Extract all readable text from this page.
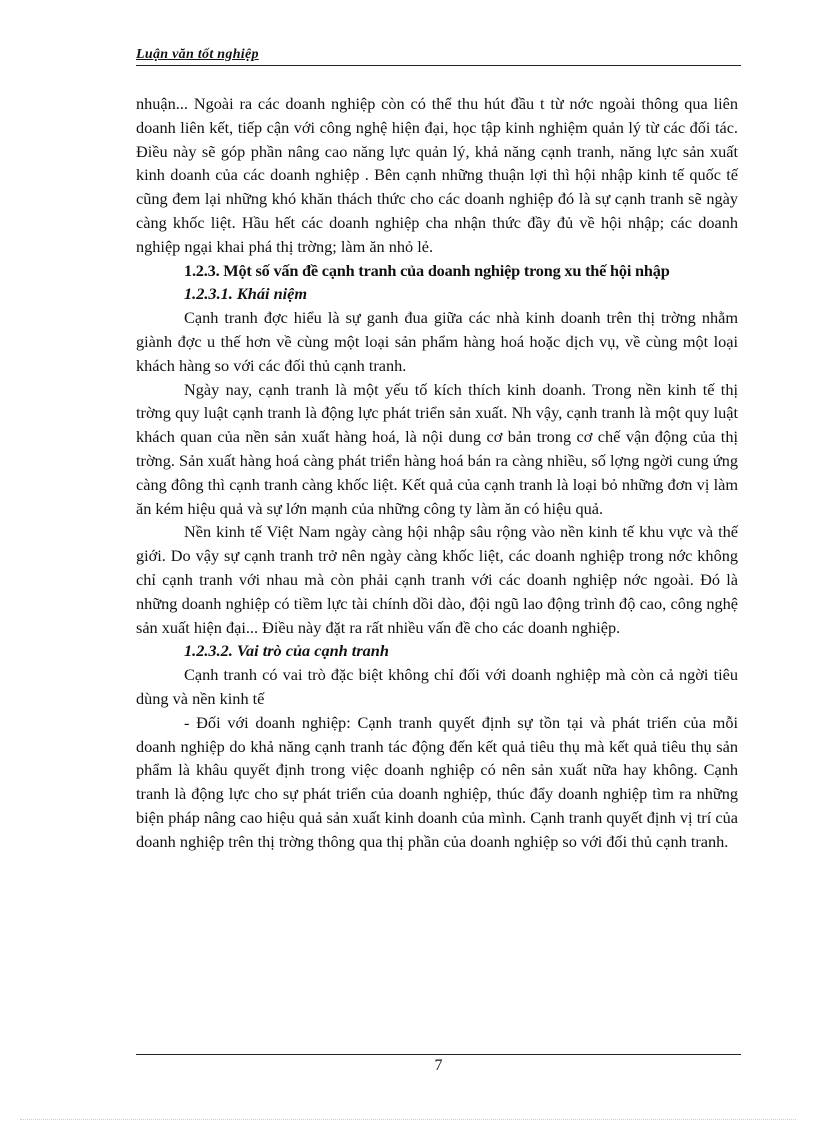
Luận văn tốt nghiệp

nhuận... Ngoài ra các doanh nghiệp còn có thể thu hút đầu t từ nớc ngoài thông qua liên doanh liên kết, tiếp cận với công nghệ hiện đại, học tập kinh nghiệm quản lý từ các đối tác. Điều này sẽ góp phần nâng cao năng lực quản lý, khả năng cạnh tranh, năng lực sản xuất kinh doanh của các doanh nghiệp . Bên cạnh những thuận lợi thì hội nhập kinh tế quốc tế cũng đem lại những khó khăn thách thức cho các doanh nghiệp đó là sự cạnh tranh sẽ ngày càng khốc liệt. Hầu hết các doanh nghiệp cha nhận thức đầy đủ về hội nhập; các doanh nghiệp ngại khai phá thị trờng; làm ăn nhỏ lẻ.

1.2.3. Một số vấn đề cạnh tranh của doanh nghiệp trong xu thế hội nhập

1.2.3.1. Khái niệm

Cạnh tranh đợc hiểu là sự ganh đua giữa các nhà kinh doanh trên thị trờng nhằm giành đợc u thế hơn về cùng một loại sản phẩm hàng hoá hoặc dịch vụ, về cùng một loại khách hàng so với các đối thủ cạnh tranh.

Ngày nay, cạnh tranh là một yếu tố kích thích kinh doanh. Trong nền kinh tế thị trờng quy luật cạnh tranh là động lực phát triển sản xuất. Nh vậy, cạnh tranh là một quy luật khách quan của nền sản xuất hàng hoá, là nội dung cơ bản trong cơ chế vận động của thị trờng. Sản xuất hàng hoá càng phát triển hàng hoá bán ra càng nhiều, số lợng ngời cung ứng càng đông thì cạnh tranh càng khốc liệt. Kết quả của cạnh tranh là loại bỏ những đơn vị làm ăn kém hiệu quả và sự lớn mạnh của những công ty làm ăn có hiệu quả.

Nền kinh tế Việt Nam ngày càng hội nhập sâu rộng vào nền kinh tế khu vực và thế giới. Do vậy sự cạnh tranh trở nên ngày càng khốc liệt, các doanh nghiệp trong nớc không chỉ cạnh tranh với nhau mà còn phải cạnh tranh với các doanh nghiệp nớc ngoài. Đó là những doanh nghiệp có tiềm lực tài chính dồi dào, đội ngũ lao động trình độ cao, công nghệ sản xuất hiện đại... Điều này đặt ra rất nhiều vấn đề cho các doanh nghiệp.

1.2.3.2. Vai trò của cạnh tranh

Cạnh tranh có vai trò đặc biệt không chỉ đối với doanh nghiệp mà còn cả ngời tiêu dùng và nền kinh tế

- Đối với doanh nghiệp: Cạnh tranh quyết định sự tồn tại và phát triển của mỗi doanh nghiệp do khả năng cạnh tranh tác động đến kết quả tiêu thụ mà kết quả tiêu thụ sản phẩm là khâu quyết định trong việc doanh nghiệp có nên sản xuất nữa hay không. Cạnh tranh là động lực cho sự phát triển của doanh nghiệp, thúc đẩy doanh nghiệp tìm ra những biện pháp nâng cao hiệu quả sản xuất kinh doanh của mình. Cạnh tranh quyết định vị trí của doanh nghiệp trên thị trờng thông qua thị phần của doanh nghiệp so với đối thủ cạnh tranh.

7
